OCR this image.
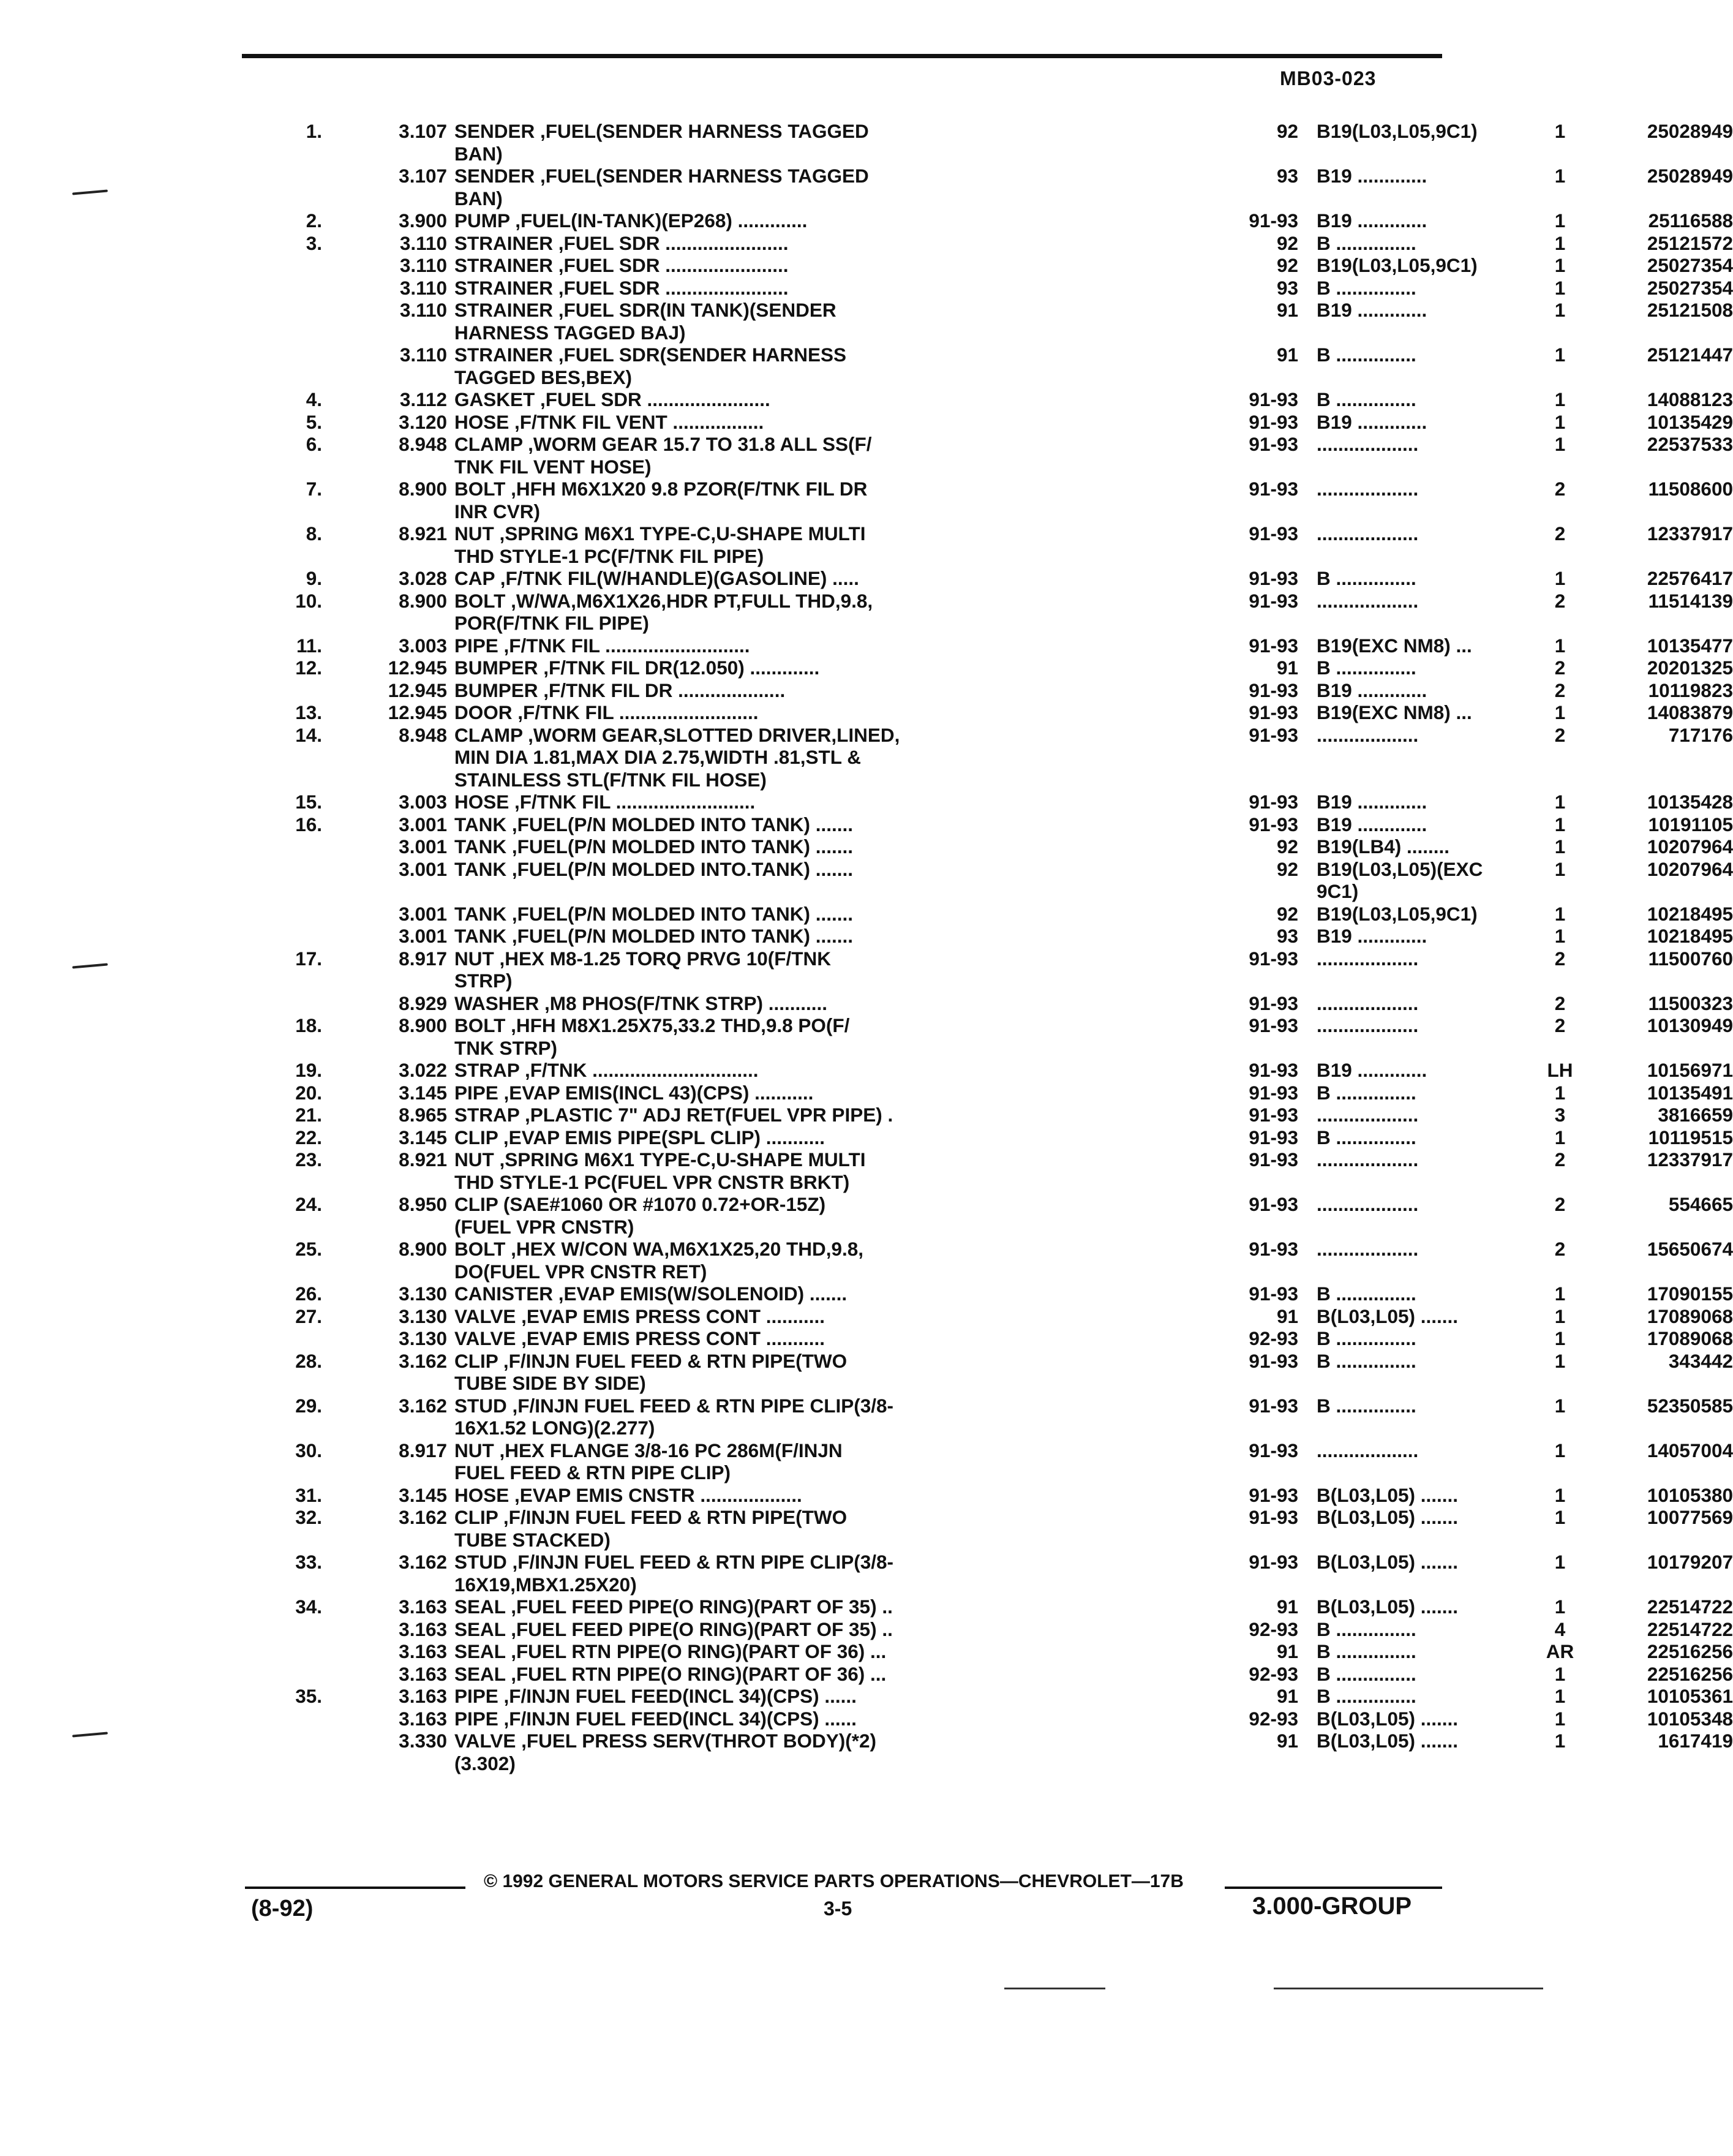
MB03-023
1.	3.107 SENDER ,FUEL(SENDER HARNESS TAGGED	92 B19(L03,L05,9C1)	1	25028949
BAN)
3.107 SENDER ,FUEL(SENDER HARNESS TAGGED	93 B19 .............	1	25028949
BAN)
2.	3.900 PUMP ,FUEL(IN-TANK)(EP268) .............	91-93 B19 .............	1	25116588
3.	3.110 STRAINER ,FUEL SDR .......................	92 B ...............	1	25121572
3.110 STRAINER ,FUEL SDR .......................	92 B19(L03,L05,9C1)	1	25027354
3.110 STRAINER ,FUEL SDR .......................	93 B ...............	1	25027354
3.110 STRAINER ,FUEL SDR(IN TANK)(SENDER	91 B19 .............	1	25121508
HARNESS TAGGED BAJ)
3.110 STRAINER ,FUEL SDR(SENDER HARNESS	91 B ...............	1	25121447
TAGGED BES,BEX)
4.	3.112 GASKET ,FUEL SDR .......................	91-93 B ...............	1	14088123
5.	3.120 HOSE ,F/TNK FIL VENT .................	91-93 B19 .............	1	10135429
6.	8.948 CLAMP ,WORM GEAR 15.7 TO 31.8 ALL SS(F/	91-93 ...................	1	22537533
TNK FIL VENT HOSE)
7.	8.900 BOLT ,HFH M6X1X20 9.8 PZOR(F/TNK FIL DR	91-93 ...................	2	11508600
INR CVR)
8.	8.921 NUT ,SPRING M6X1 TYPE-C,U-SHAPE MULTI	91-93 ...................	2	12337917
THD STYLE-1 PC(F/TNK FIL PIPE)
9.	3.028 CAP ,F/TNK FIL(W/HANDLE)(GASOLINE) .....	91-93 B ...............	1	22576417
10.	8.900 BOLT ,W/WA,M6X1X26,HDR PT,FULL THD,9.8,	91-93 ...................	2	11514139
POR(F/TNK FIL PIPE)
11.	3.003 PIPE ,F/TNK FIL ...........................	91-93 B19(EXC NM8) ...	1	10135477
12.	12.945 BUMPER ,F/TNK FIL DR(12.050) .............	91 B ...............	2	20201325
12.945 BUMPER ,F/TNK FIL DR ....................	91-93 B19 .............	2	10119823
13.	12.945 DOOR ,F/TNK FIL ..........................	91-93 B19(EXC NM8) ...	1	14083879
14.	8.948 CLAMP ,WORM GEAR,SLOTTED DRIVER,LINED,	91-93 ...................	2	717176
MIN DIA 1.81,MAX DIA 2.75,WIDTH .81,STL &
STAINLESS STL(F/TNK FIL HOSE)
15.	3.003 HOSE ,F/TNK FIL ..........................	91-93 B19 .............	1	10135428
16.	3.001 TANK ,FUEL(P/N MOLDED INTO TANK) .......	91-93 B19 .............	1	10191105
3.001 TANK ,FUEL(P/N MOLDED INTO TANK) .......	92 B19(LB4) ........	1	10207964
3.001 TANK ,FUEL(P/N MOLDED INTO.TANK) .......	92 B19(L03,L05)(EXC	1	10207964
9C1)
3.001 TANK ,FUEL(P/N MOLDED INTO TANK) .......	92 B19(L03,L05,9C1)	1	10218495
3.001 TANK ,FUEL(P/N MOLDED INTO TANK) .......	93 B19 .............	1	10218495
17.	8.917 NUT ,HEX M8-1.25 TORQ PRVG 10(F/TNK	91-93 ...................	2	11500760
STRP)
8.929 WASHER ,M8 PHOS(F/TNK STRP) ...........	91-93 ...................	2	11500323
18.	8.900 BOLT ,HFH M8X1.25X75,33.2 THD,9.8 PO(F/	91-93 ...................	2	10130949
TNK STRP)
19.	3.022 STRAP ,F/TNK ...............................	91-93 B19 .............	LH	10156971
20.	3.145 PIPE ,EVAP EMIS(INCL 43)(CPS) ...........	91-93 B ...............	1	10135491
21.	8.965 STRAP ,PLASTIC 7" ADJ RET(FUEL VPR PIPE) .	91-93 ...................	3	3816659
22.	3.145 CLIP ,EVAP EMIS PIPE(SPL CLIP) ...........	91-93 B ...............	1	10119515
23.	8.921 NUT ,SPRING M6X1 TYPE-C,U-SHAPE MULTI	91-93 ...................	2	12337917
THD STYLE-1 PC(FUEL VPR CNSTR BRKT)
24.	8.950 CLIP (SAE#1060 OR #1070 0.72+OR-15Z)	91-93 ...................	2	554665
(FUEL VPR CNSTR)
25.	8.900 BOLT ,HEX W/CON WA,M6X1X25,20 THD,9.8,	91-93 ...................	2	15650674
DO(FUEL VPR CNSTR RET)
26.	3.130 CANISTER ,EVAP EMIS(W/SOLENOID) .......	91-93 B ...............	1	17090155
27.	3.130 VALVE ,EVAP EMIS PRESS CONT ...........	91 B(L03,L05) .......	1	17089068
3.130 VALVE ,EVAP EMIS PRESS CONT ...........	92-93 B ...............	1	17089068
28.	3.162 CLIP ,F/INJN FUEL FEED & RTN PIPE(TWO	91-93 B ...............	1	343442
TUBE SIDE BY SIDE)
29.	3.162 STUD ,F/INJN FUEL FEED & RTN PIPE CLIP(3/8-	91-93 B ...............	1	52350585
16X1.52 LONG)(2.277)
30.	8.917 NUT ,HEX FLANGE 3/8-16 PC 286M(F/INJN	91-93 ...................	1	14057004
FUEL FEED & RTN PIPE CLIP)
31.	3.145 HOSE ,EVAP EMIS CNSTR ...................	91-93 B(L03,L05) .......	1	10105380
32.	3.162 CLIP ,F/INJN FUEL FEED & RTN PIPE(TWO	91-93 B(L03,L05) .......	1	10077569
TUBE STACKED)
33.	3.162 STUD ,F/INJN FUEL FEED & RTN PIPE CLIP(3/8-	91-93 B(L03,L05) .......	1	10179207
16X19,MBX1.25X20)
34.	3.163 SEAL ,FUEL FEED PIPE(O RING)(PART OF 35) ..	91 B(L03,L05) .......	1	22514722
3.163 SEAL ,FUEL FEED PIPE(O RING)(PART OF 35) ..	92-93 B ...............	4	22514722
3.163 SEAL ,FUEL RTN PIPE(O RING)(PART OF 36) ...	91 B ...............	AR	22516256
3.163 SEAL ,FUEL RTN PIPE(O RING)(PART OF 36) ...	92-93 B ...............	1	22516256
35.	3.163 PIPE ,F/INJN FUEL FEED(INCL 34)(CPS) ......	91 B ...............	1	10105361
3.163 PIPE ,F/INJN FUEL FEED(INCL 34)(CPS) ......	92-93 B(L03,L05) .......	1	10105348
3.330 VALVE ,FUEL PRESS SERV(THROT BODY)(*2)	91 B(L03,L05) .......	1	1617419
(3.302)
© 1992 GENERAL MOTORS SERVICE PARTS OPERATIONS—CHEVROLET—17B
(8-92)	3-5	3.000-GROUP
